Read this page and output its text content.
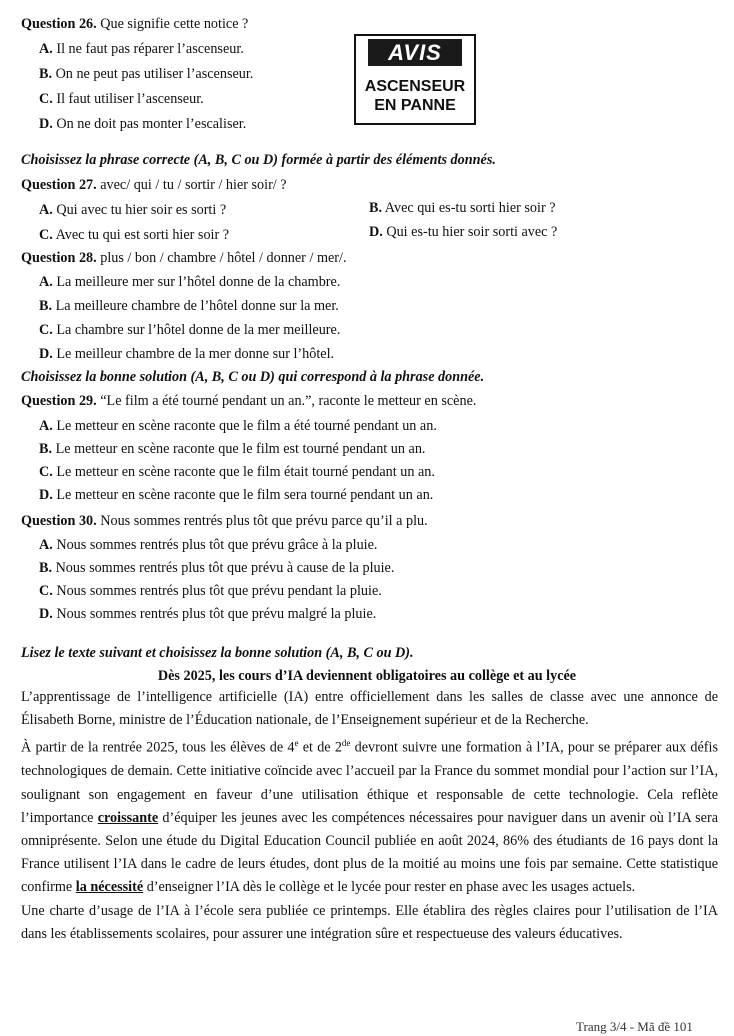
Question 26. Que signifie cette notice ?
A. Il ne faut pas réparer l’ascenseur.
B. On ne peut pas utiliser l’ascenseur.
C. Il faut utiliser l’ascenseur.
D. On ne doit pas monter l’escaliser.
AVIS
ASCENSEUR
EN PANNE
Choisissez la phrase correcte (A, B, C ou D) formée à partir des éléments donnés.
Question 27. avec/ qui / tu / sortir / hier soir/ ?
A. Qui avec tu hier soir es sorti ?	B. Avec qui es-tu sorti hier soir ?
C. Avec tu qui est sorti hier soir ?	D. Qui es-tu hier soir sorti avec ?
Question 28. plus / bon / chambre / hôtel / donner / mer/.
A. La meilleure mer sur l’hôtel donne de la chambre.
B. La meilleure chambre de l’hôtel donne sur la mer.
C. La chambre sur l’hôtel donne de la mer meilleure.
D. Le meilleur chambre de la mer donne sur l’hôtel.
Choisissez la bonne solution (A, B, C ou D) qui correspond à la phrase donnée.
Question 29. “Le film a été tourné pendant un an.”, raconte le metteur en scène.
A. Le metteur en scène raconte que le film a été tourné pendant un an.
B. Le metteur en scène raconte que le film est tourné pendant un an.
C. Le metteur en scène raconte que le film était tourné pendant un an.
D. Le metteur en scène raconte que le film sera tourné pendant un an.
Question 30. Nous sommes rentrés plus tôt que prévu parce qu’il a plu.
A. Nous sommes rentrés plus tôt que prévu grâce à la pluie.
B. Nous sommes rentrés plus tôt que prévu à cause de la pluie.
C. Nous sommes rentrés plus tôt que prévu pendant la pluie.
D. Nous sommes rentrés plus tôt que prévu malgré la pluie.
Lisez le texte suivant et choisissez la bonne solution (A, B, C ou D).
Dès 2025, les cours d’IA deviennent obligatoires au collège et au lycée

L’apprentissage de l’intelligence artificielle (IA) entre officiellement dans les salles de classe avec une annonce de Élisabeth Borne, ministre de l’Éducation nationale, de l’Enseignement supérieur et de la Recherche.

À partir de la rentrée 2025, tous les élèves de 4e et de 2de devront suivre une formation à l’IA, pour se préparer aux défis technologiques de demain. Cette initiative coïncide avec l’accueil par la France du sommet mondial pour l’action sur l’IA, soulignant son engagement en faveur d’une utilisation éthique et responsable de cette technologie. Cela reflète l’importance croissante d’équiper les jeunes avec les compétences nécessaires pour naviguer dans un avenir où l’IA sera omniprésente. Selon une étude du Digital Education Council publiée en août 2024, 86% des étudiants de 16 pays dont la France utilisent l’IA dans le cadre de leurs études, dont plus de la moitié au moins une fois par semaine. Cette statistique confirme la nécessité d’enseigner l’IA dès le collège et le lycée pour rester en phase avec les usages actuels.

Une charte d’usage de l’IA à l’école sera publiée ce printemps. Elle établira des règles claires pour l’utilisation de l’IA dans les établissements scolaires, pour assurer une intégration sûre et respectueuse des valeurs éducatives.

Trang 3/4 - Mã đề 101
